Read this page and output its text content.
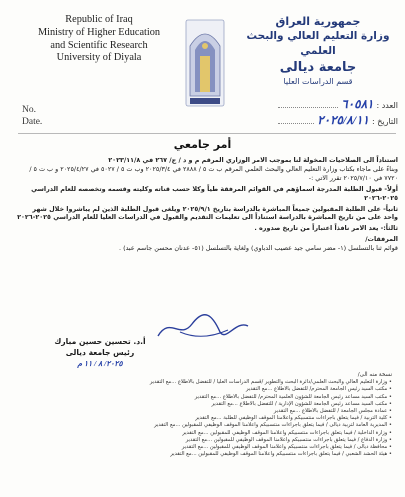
Republic of Iraq
Ministry of Higher Education
and Scientific Research
University of Diyala
No.
Date.
جمهورية العراق
وزارة التعليم العالي والبحث العلمي
جامعة ديالى
قسم الدراسات العليا
العدد :
٦٠٥٨١
التاريخ :
٢٠٢٥/٨/١١
أمر جامعي

استناداً الى الصلاحيات المخولة لنا بموجب الامر الوزاري المرقم م و د / ج/ ٢٦٧ في ٢٠٢٣/١١/٨

وبناءً على ماجاء بكتاب وزارة التعليم العالي والبحث العلمي المرقم ب ت ٥ / ٢٨٨٨ في ٢٠٢٥/٣/٤ وب ت ٥ / ٥٠٢٧ في ٢٠٢٥/٤/٢٧ و ب ت ٥ / ٧٧٢٠ في ٢٠٢٥/٧/١٠ تقرر الاتي :-

أولاً- قبول الطلبة المدرجة اسماؤهم في القوائم المرفقة طياً وكلا حسب قناته وكليته وقسمه وتخصصه للعام الدراسي ٢٠٢٥-٢٠٢٦

ثانياً- على الطلبة المقبولين جميعاً المباشرة بالدراسة بتاريخ ٢٠٢٥/٩/١ ويلغى قبول الطلبة الذين لم يباشروا خلال شهر واحد على من تاريخ المباشرة بالدراسة استناداً الى تعليمات التقديم والقبول في الدراسات العليا للعام الدراسي ٢٠٢٥-٢٠٢٦

ثالثاً:- يعد الامر نافذاً اعتباراً من تاريخ صدوره .

المرفقات/

قوائم ثنا بالتسلسل (١- مضر سامي جيد عصيب الدباوي) ولغاية بالتسلسل (٥١- عدنان محسن جاسم عبد) .

أ.د. تحسين حسين مبارك
رئيس جامعة ديالى
٢٠٢٥/ ٨ / ١١ م
نسخة منه الى/
• وزارة التعليم العالي والبحث العلمي/دائرة البحث والتطوير /قسم الدراسات العليا / للتفضل بالاطلاع ...مع التقدير
• مكتب السيد رئيس الجامعة المحترم/ للتفضل بالاطلاع ...مع التقدير
• مكتب السيد مساعد رئيس الجامعة للشؤون العلمية المحترم/ للتفضل بالاطلاع ...مع التقدير
• مكتب السيد مساعد رئيس الجامعة للشؤون الإدارية / للتفضل بالاطلاع ...مع التقدير
• عمادة مجلس الجامعة / للتفضل بالاطلاع ...مع التقدير
• كلية التربية / فيما يتعلق باجراءات منتسبيكم واعلامنا الموقف الوظيفي للطلبة ...مع التقدير
• المديرية العامة لتربية ديالى / فيما يتعلق باجراءات منتسبيكم واعلامنا الموقف الوظيفي للمقبولين ...مع التقدير
• وزارة الداخلية / فيما يتعلق باجراءات منتسبيكم واعلامنا الموقف الوظيفي للمقبولين ...مع التقدير
• وزارة الدفاع / فيما يتعلق باجراءات منتسبيكم واعلامنا الموقف الوظيفي للمقبولين ...مع التقدير
• محافظة ديالى / فيما يتعلق باجراءات منتسبيكم واعلامنا الموقف الوظيفي للمقبولين ...مع التقدير
• هيئة الحشد الشعبي / فيما يتعلق باجراءات منتسبيكم واعلامنا الموقف الوظيفي للمقبولين ...مع التقدير
